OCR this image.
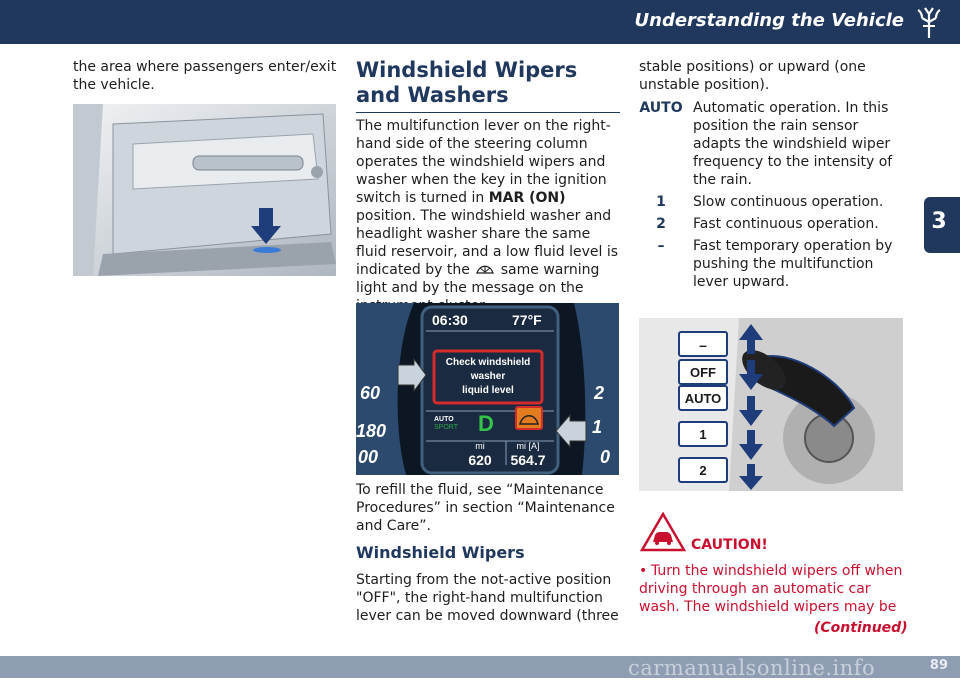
Understanding the Vehicle
3
the area where passengers enter/exit the vehicle.
Windshield Wipers and Washers
The multifunction lever on the right-hand side of the steering column operates the windshield wipers and washer when the key in the ignition switch is turned in MAR (ON) position. The windshield washer and headlight washer share the same fluid reservoir, and a low fluid level is indicated by the same warning light and by the message on the
06:30	77°F
Check windshield
washer
liquid level
AUTO
SPORT D
mi
620
mi [A]
564.7
60
180
00
2
1
0
To refill the fluid, see “Maintenance Procedures” in section “Maintenance and Care”.
Windshield Wipers
Starting from the not-active position "OFF", the right-hand multifunction lever can be moved downward (three
stable positions) or upward (one unstable position).
AUTO Automatic operation. In this position the rain sensor adapts the windshield wiper frequency to the intensity of the rain.
1	Slow continuous operation.
2	Fast continuous operation.
–	Fast temporary operation by pushing the multifunction lever upward.
–
OFF
AUTO
1
2
CAUTION!
• Turn the windshield wipers off when driving through an automatic car wash. The windshield wipers may be
(Continued)
carmanualsonline.info	89
